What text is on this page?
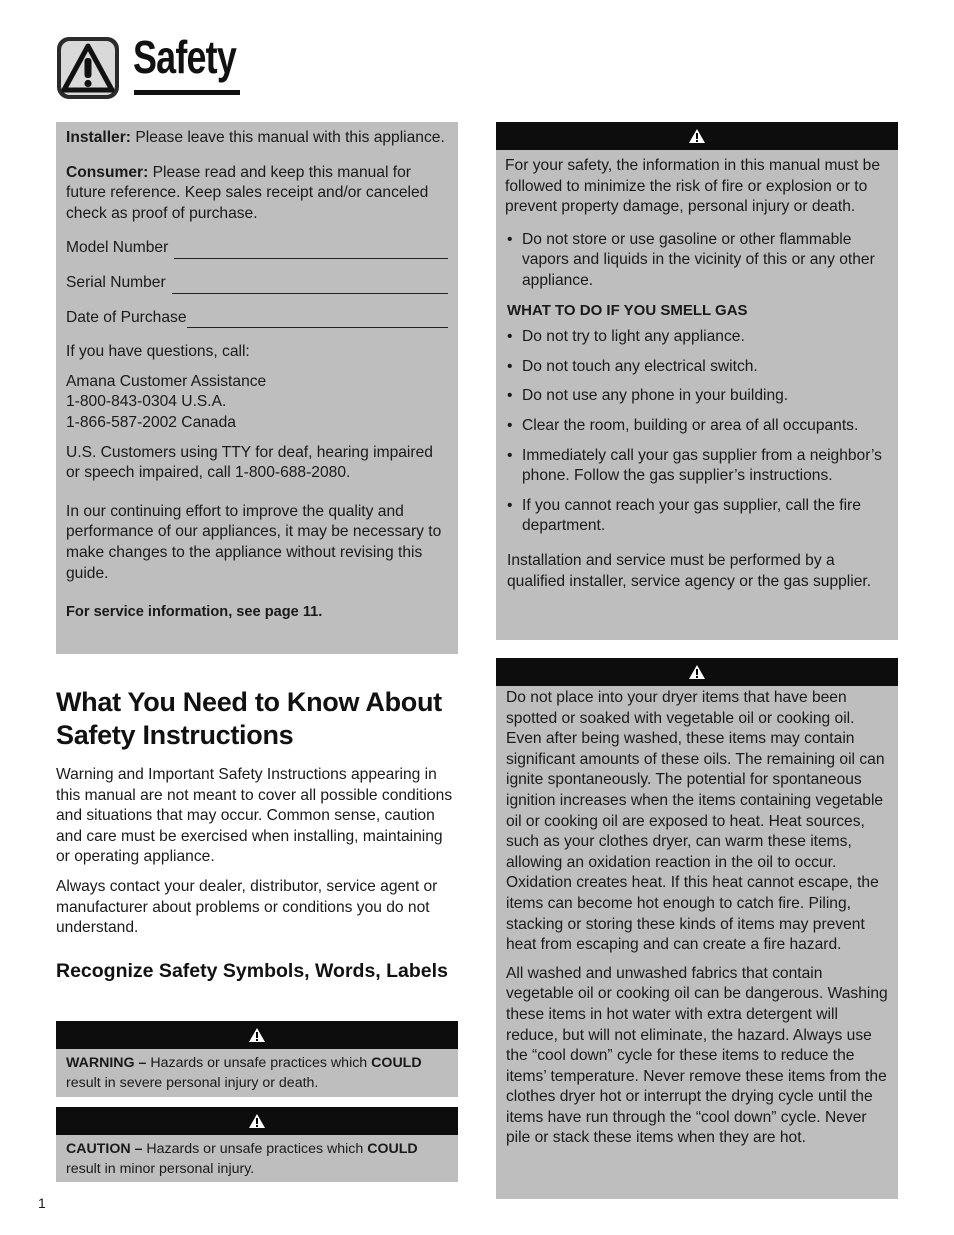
Safety

Installer: Please leave this manual with this appliance.

Consumer: Please read and keep this manual for future reference. Keep sales receipt and/or canceled check as proof of purchase.

Model Number
Serial Number
Date of Purchase

If you have questions, call:

Amana Customer Assistance

1-800-843-0304 U.S.A.

1-866-587-2002 Canada

U.S. Customers using TTY for deaf, hearing impaired or speech impaired, call 1-800-688-2080.

In our continuing effort to improve the quality and performance of our appliances, it may be necessary to make changes to the appliance without revising this guide.

For service information, see page 11.

What You Need to Know About Safety Instructions

Warning and Important Safety Instructions appearing in this manual are not meant to cover all possible conditions and situations that may occur. Common sense, caution and care must be exercised when installing, maintaining or operating appliance.

Always contact your dealer, distributor, service agent or manufacturer about problems or conditions you do not understand.

Recognize Safety Symbols, Words, Labels
WARNING – Hazards or unsafe practices which COULD result in severe personal injury or death.
CAUTION – Hazards or unsafe practices which COULD result in minor personal injury.

For your safety, the information in this manual must be followed to minimize the risk of fire or explosion or to prevent property damage, personal injury or death.

• Do not store or use gasoline or other flammable vapors and liquids in the vicinity of this or any other appliance.

WHAT TO DO IF YOU SMELL GAS

• Do not try to light any appliance.
• Do not touch any electrical switch.
• Do not use any phone in your building.
• Clear the room, building or area of all occupants.
• Immediately call your gas supplier from a neighbor’s phone. Follow the gas supplier’s instructions.
• If you cannot reach your gas supplier, call the fire department.

Installation and service must be performed by a qualified installer, service agency or the gas supplier.

Do not place into your dryer items that have been spotted or soaked with vegetable oil or cooking oil. Even after being washed, these items may contain significant amounts of these oils. The remaining oil can ignite spontaneously. The potential for spontaneous ignition increases when the items containing vegetable oil or cooking oil are exposed to heat. Heat sources, such as your clothes dryer, can warm these items, allowing an oxidation reaction in the oil to occur. Oxidation creates heat. If this heat cannot escape, the items can become hot enough to catch fire. Piling, stacking or storing these kinds of items may prevent heat from escaping and can create a fire hazard.

All washed and unwashed fabrics that contain vegetable oil or cooking oil can be dangerous. Washing these items in hot water with extra detergent will reduce, but will not eliminate, the hazard. Always use the “cool down” cycle for these items to reduce the items’ temperature. Never remove these items from the clothes dryer hot or interrupt the drying cycle until the items have run through the “cool down” cycle. Never pile or stack these items when they are hot.

1
